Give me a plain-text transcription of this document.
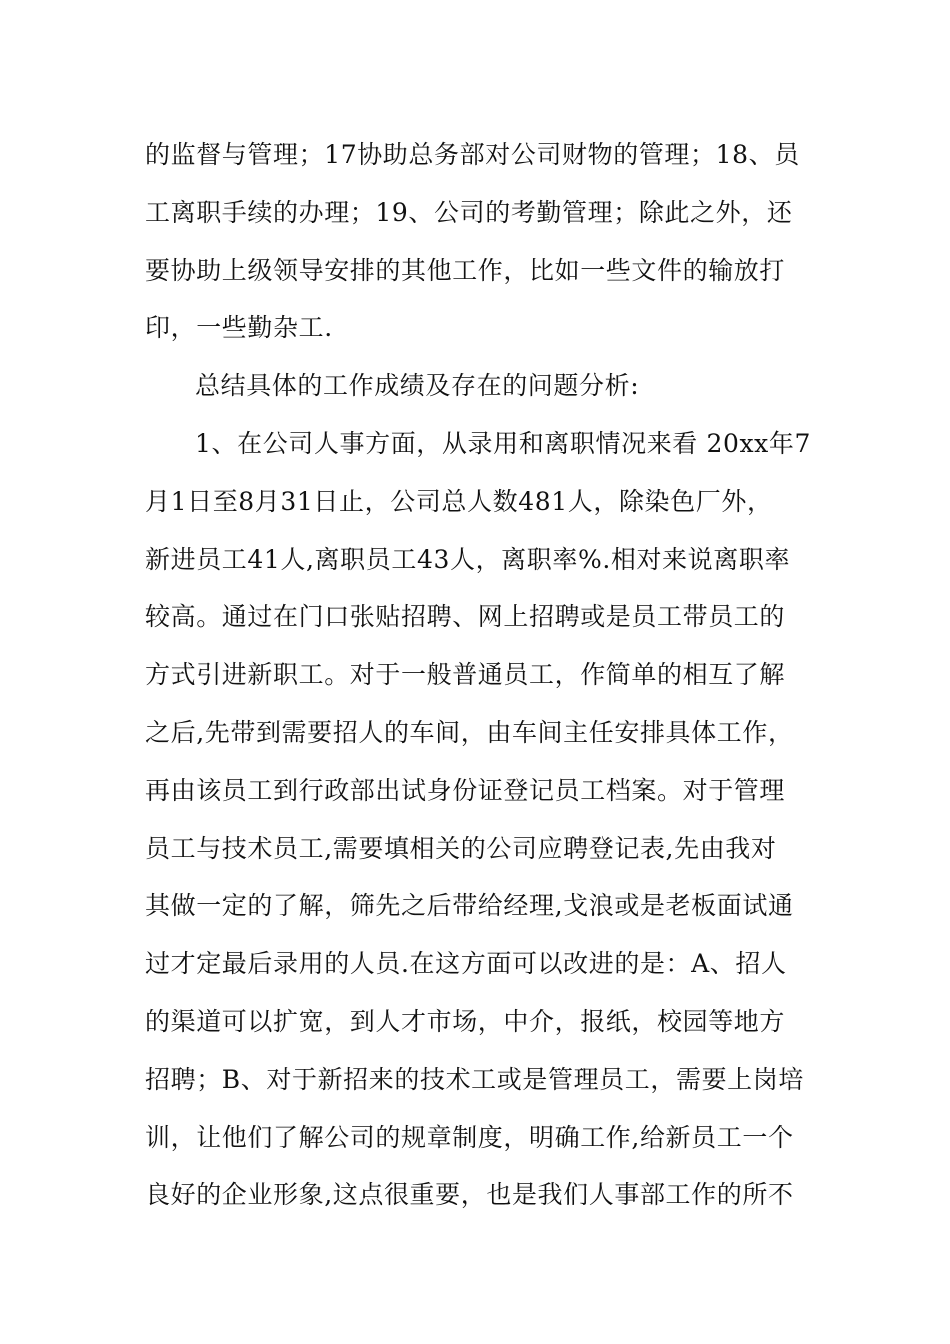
的监督与管理；17协助总务部对公司财物的管理；18、员
工离职手续的办理；19、公司的考勤管理；除此之外，还
要协助上级领导安排的其他工作，比如一些文件的输放打
印，一些勤杂工.
总结具体的工作成绩及存在的问题分析:
1、在公司人事方面，从录用和离职情况来看 20xx年7
月1日至8月31日止，公司总人数481人，除染色厂外，
新进员工41人,离职员工43人，离职率%.相对来说离职率
较高。通过在门口张贴招聘、网上招聘或是员工带员工的
方式引进新职工。对于一般普通员工，作简单的相互了解
之后,先带到需要招人的车间，由车间主任安排具体工作，
再由该员工到行政部出试身份证登记员工档案。对于管理
员工与技术员工,需要填相关的公司应聘登记表,先由我对
其做一定的了解，筛先之后带给经理,戈浪或是老板面试通
过才定最后录用的人员.在这方面可以改进的是：A、招人
的渠道可以扩宽，到人才市场，中介，报纸，校园等地方
招聘；B、对于新招来的技术工或是管理员工，需要上岗培
训，让他们了解公司的规章制度，明确工作,给新员工一个
良好的企业形象,这点很重要，也是我们人事部工作的所不
